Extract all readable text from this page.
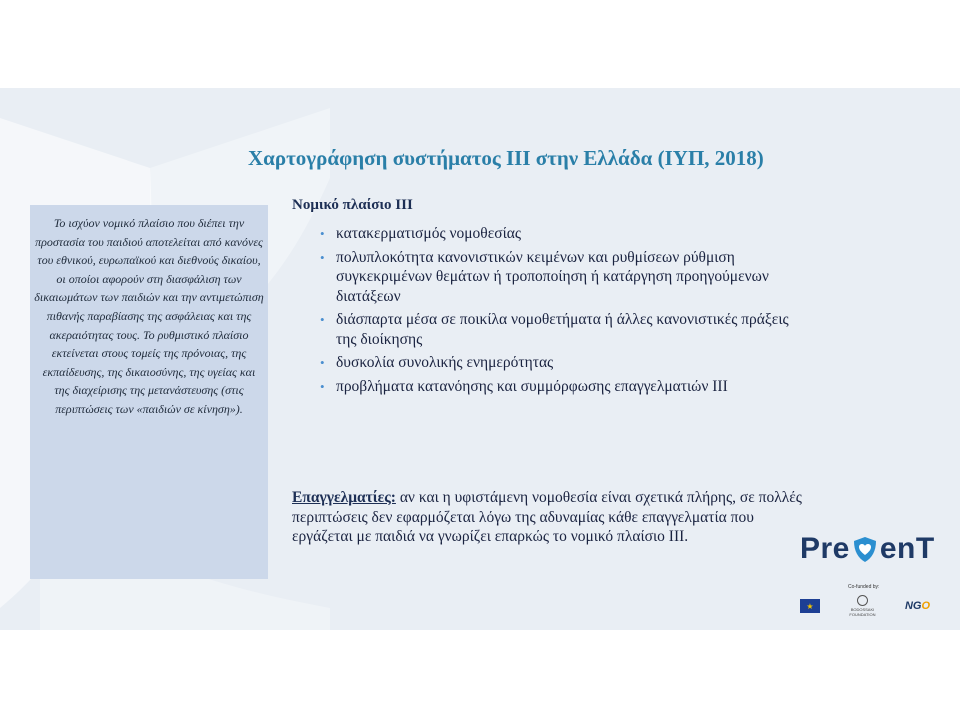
Χαρτογράφηση συστήματος ΙΙΙ στην Ελλάδα (ΙΥΠ, 2018)
Το ισχύον νομικό πλαίσιο που διέπει την προστασία του παιδιού αποτελείται από κανόνες του εθνικού, ευρωπαϊκού και διεθνούς δικαίου, οι οποίοι αφορούν στη διασφάλιση των δικαιωμάτων των παιδιών και την αντιμετώπιση πιθανής παραβίασης της ασφάλειας και της ακεραιότητας τους. Το ρυθμιστικό πλαίσιο εκτείνεται στους τομείς της πρόνοιας, της εκπαίδευσης, της δικαιοσύνης, της υγείας και της διαχείρισης της μετανάστευσης (στις περιπτώσεις των «παιδιών σε κίνηση»).
Νομικό πλαίσιο ΙΙΙ
• κατακερματισμός νομοθεσίας
• πολυπλοκότητα κανονιστικών κειμένων και ρυθμίσεων ρύθμιση συγκεκριμένων θεμάτων ή τροποποίηση ή κατάργηση προηγούμενων διατάξεων
• διάσπαρτα μέσα σε ποικίλα νομοθετήματα ή άλλες κανονιστικές πράξεις της διοίκησης
• δυσκολία συνολικής ενημερότητας
• προβλήματα κατανόησης και συμμόρφωσης επαγγελματιών ΙΙΙ
Επαγγελματίες: αν και η υφιστάμενη νομοθεσία είναι σχετικά πλήρης, σε πολλές περιπτώσεις δεν εφαρμόζεται λόγω της αδυναμίας κάθε επαγγελματία που εργάζεται με παιδιά να γνωρίζει επαρκώς το νομικό πλαίσιο ΙΙΙ.	Pre enT
Co-funded by:
★	BODOSSAKI
FOUNDATION
NGO
